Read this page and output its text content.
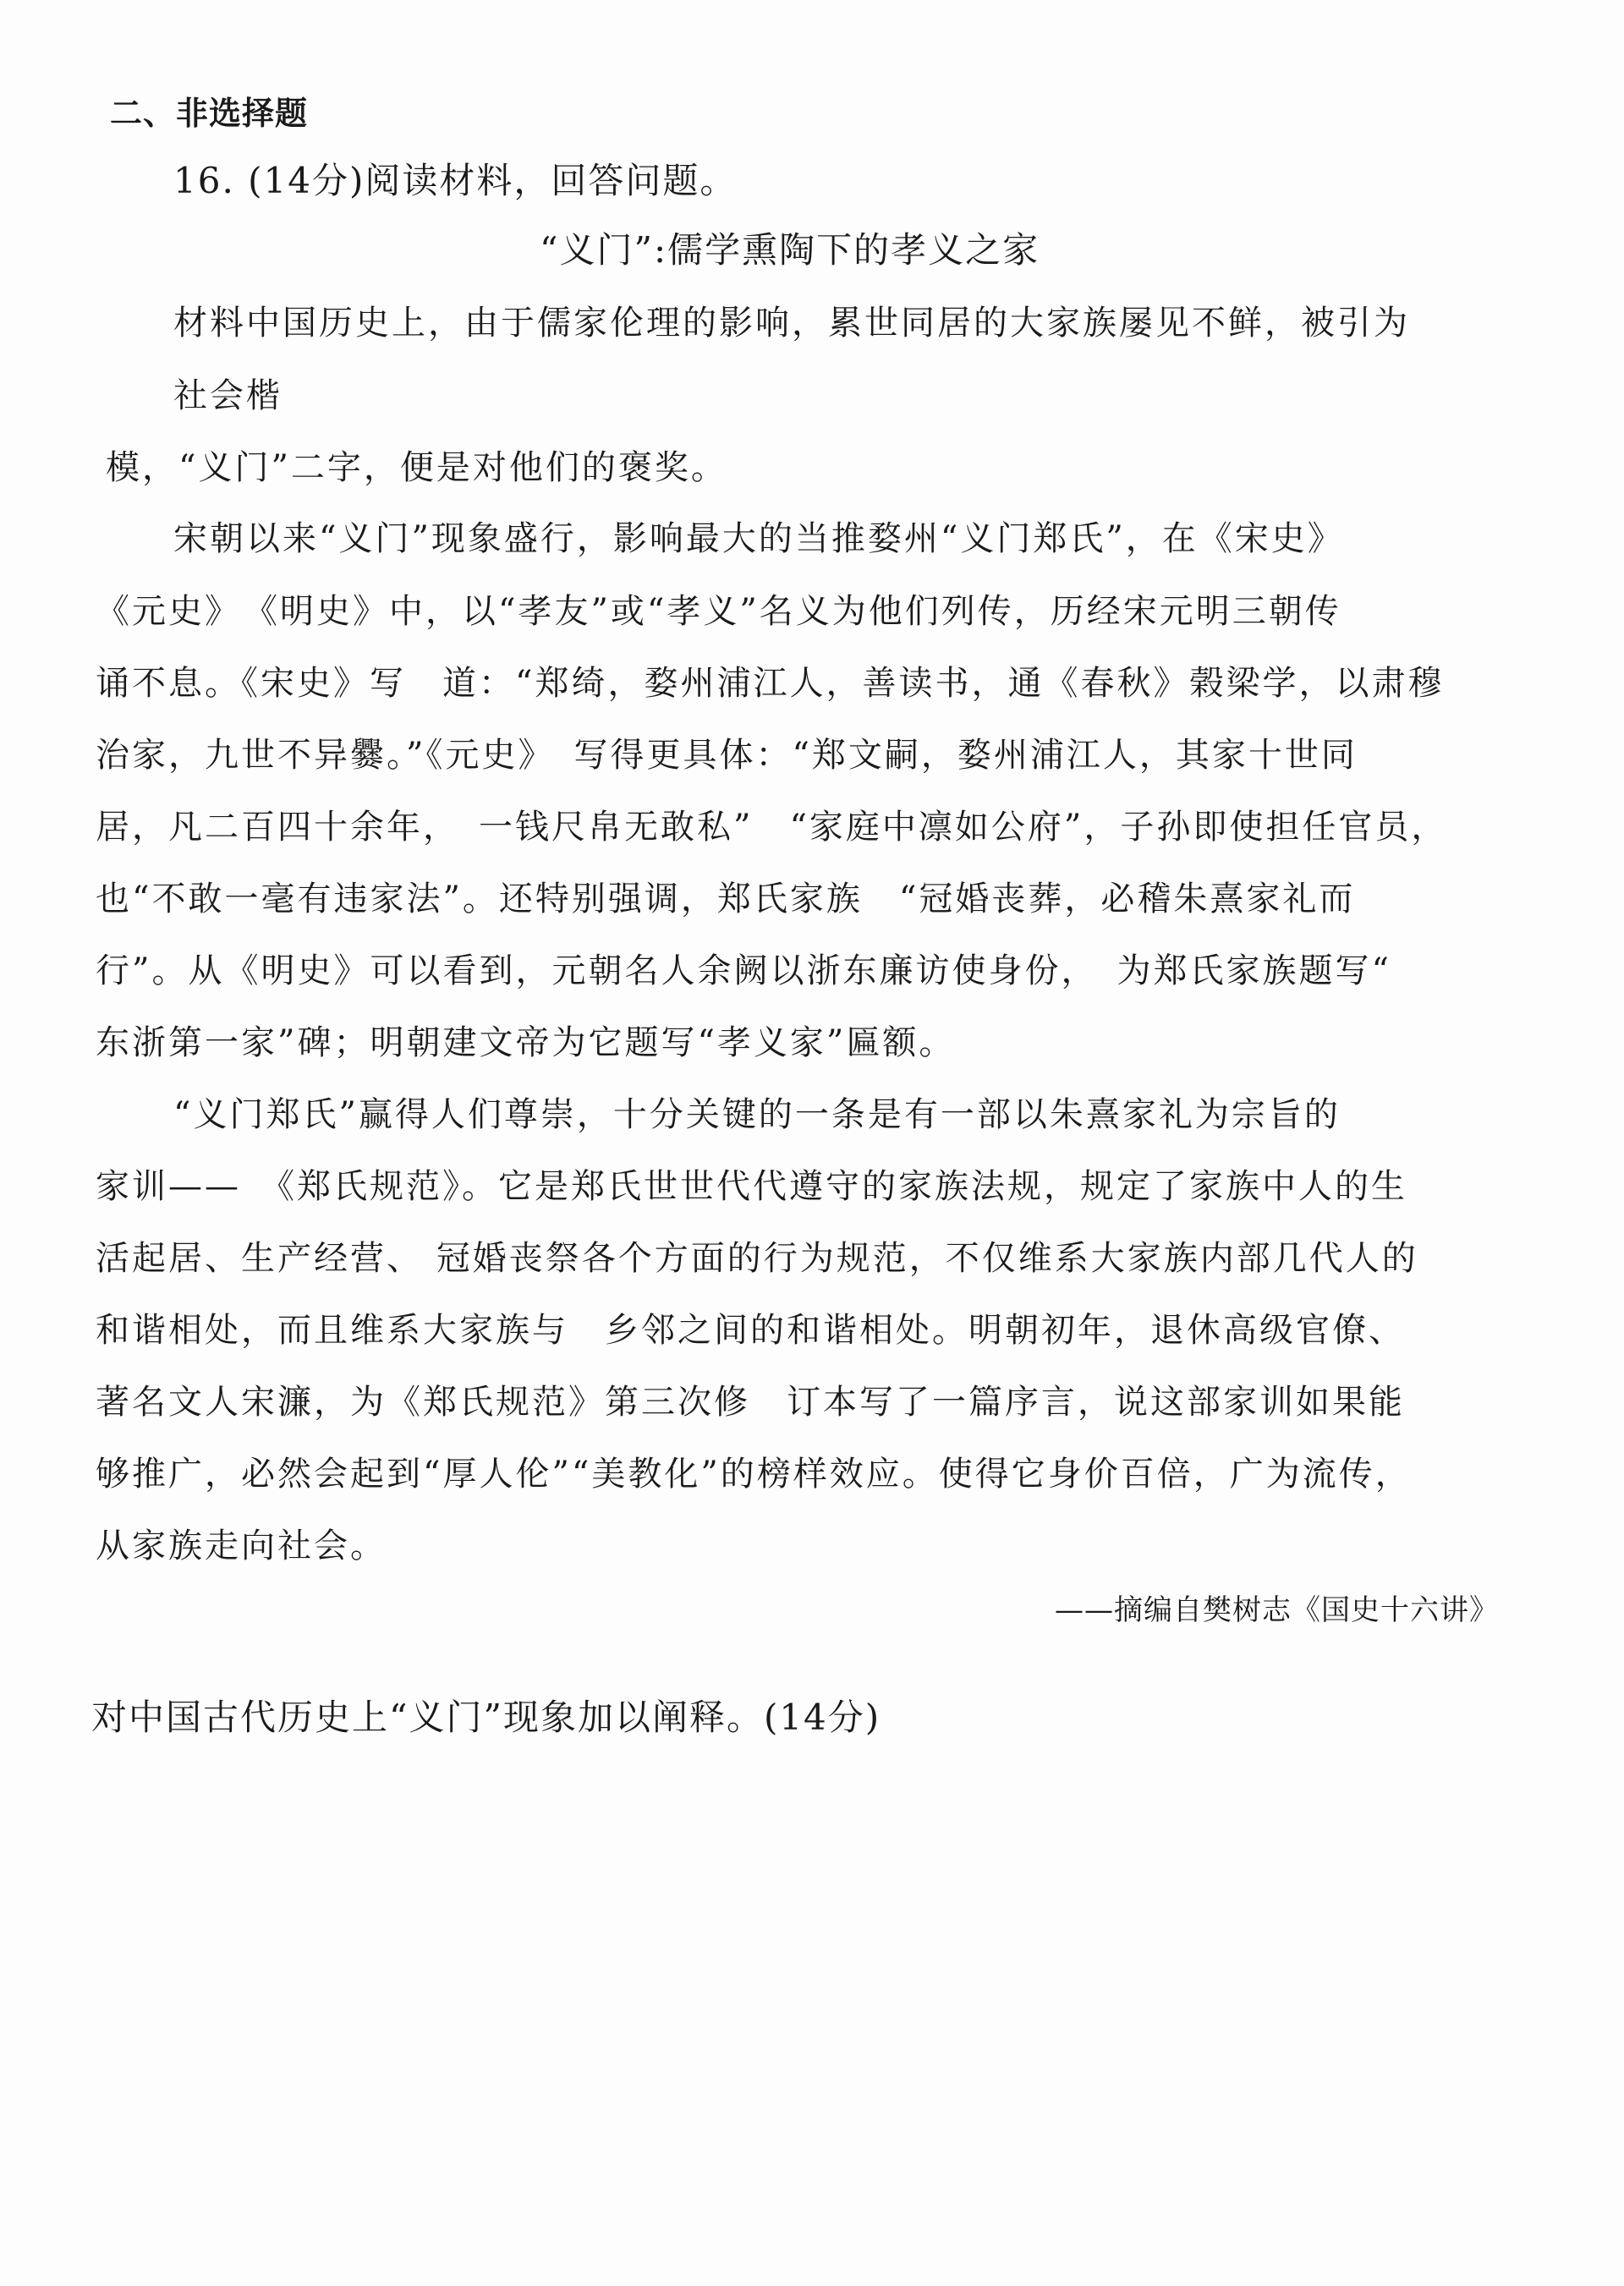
二、非选择题
16. (14分)阅读材料，回答问题。
“义门”:儒学熏陶下的孝义之家
材料中国历史上，由于儒家伦理的影响，累世同居的大家族屡见不鲜，被引为
社会楷
模，“义门”二字，便是对他们的褒奖。
宋朝以来“义门”现象盛行，影响最大的当推婺州“义门郑氏”，在《宋史》
《元史》　《明史》中，以“孝友”或“孝义”名义为他们列传，历经宋元明三朝传
诵不息。《宋史》写　道：“郑绮，婺州浦江人，善读书，通《春秋》榖梁学，以肃穆
治家，九世不异爨。”《元史》　写得更具体：“郑文嗣，婺州浦江人，其家十世同
居，凡二百四十余年，　一钱尺帛无敢私”　“家庭中凛如公府”，子孙即使担任官员，
也“不敢一毫有违家法”。还特别强调，郑氏家族　“冠婚丧葬，必稽朱熹家礼而
行”。从《明史》可以看到，元朝名人余阙以浙东廉访使身份，　为郑氏家族题写“
东浙第一家”碑；明朝建文帝为它题写“孝义家”匾额。
“义门郑氏”赢得人们尊崇，十分关键的一条是有一部以朱熹家礼为宗旨的
家训——　《郑氏规范》。它是郑氏世世代代遵守的家族法规，规定了家族中人的生
活起居、生产经营、 冠婚丧祭各个方面的行为规范，不仅维系大家族内部几代人的
和谐相处，而且维系大家族与　乡邻之间的和谐相处。明朝初年，退休高级官僚、
著名文人宋濂，为《郑氏规范》第三次修　订本写了一篇序言，说这部家训如果能
够推广，必然会起到“厚人伦”“美教化”的榜样效应。使得它身价百倍，广为流传，
从家族走向社会。
——摘编自樊树志《国史十六讲》
对中国古代历史上“义门”现象加以阐释。(14分)
